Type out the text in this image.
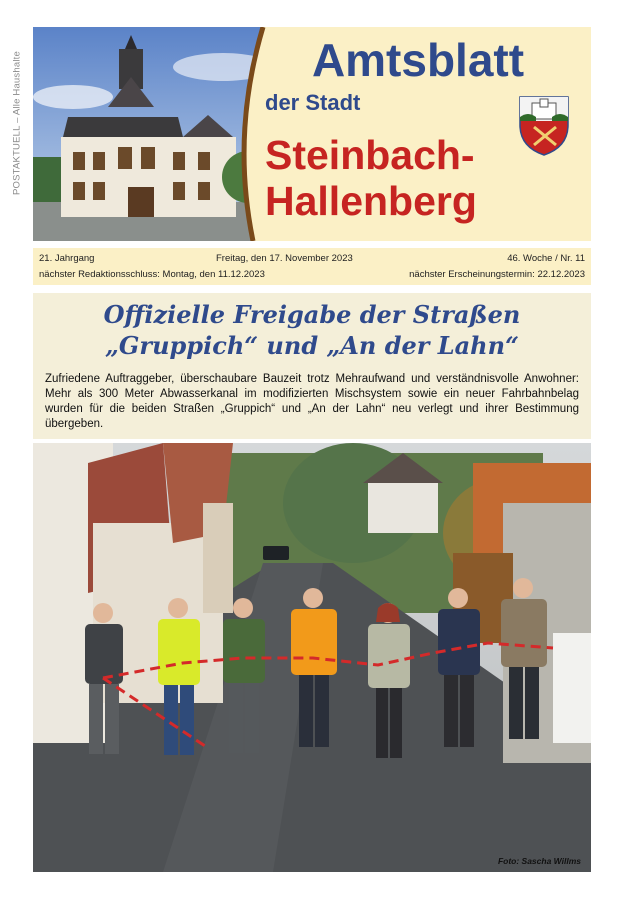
POSTAKTUELL – Alle Haushalte	Amtsblatt
der Stadt
Steinbach-
Hallenberg
21. Jahrgang	Freitag, den 17. November 2023	46. Woche / Nr. 11
nächster Redaktionsschluss: Montag, den 11.12.2023	nächster Erscheinungstermin: 22.12.2023
Offizielle Freigabe der Straßen
„Gruppich“ und „An der Lahn“
Zufriedene Auftraggeber, überschaubare Bauzeit trotz Mehraufwand und verständnisvolle Anwohner: Mehr als 300 Meter Abwasserkanal im modifizierten Mischsystem sowie ein neuer Fahrbahnbelag wurden für die beiden Straßen „Gruppich“ und „An der Lahn“ neu verlegt und ihrer Bestimmung übergeben.
Foto: Sascha Willms
